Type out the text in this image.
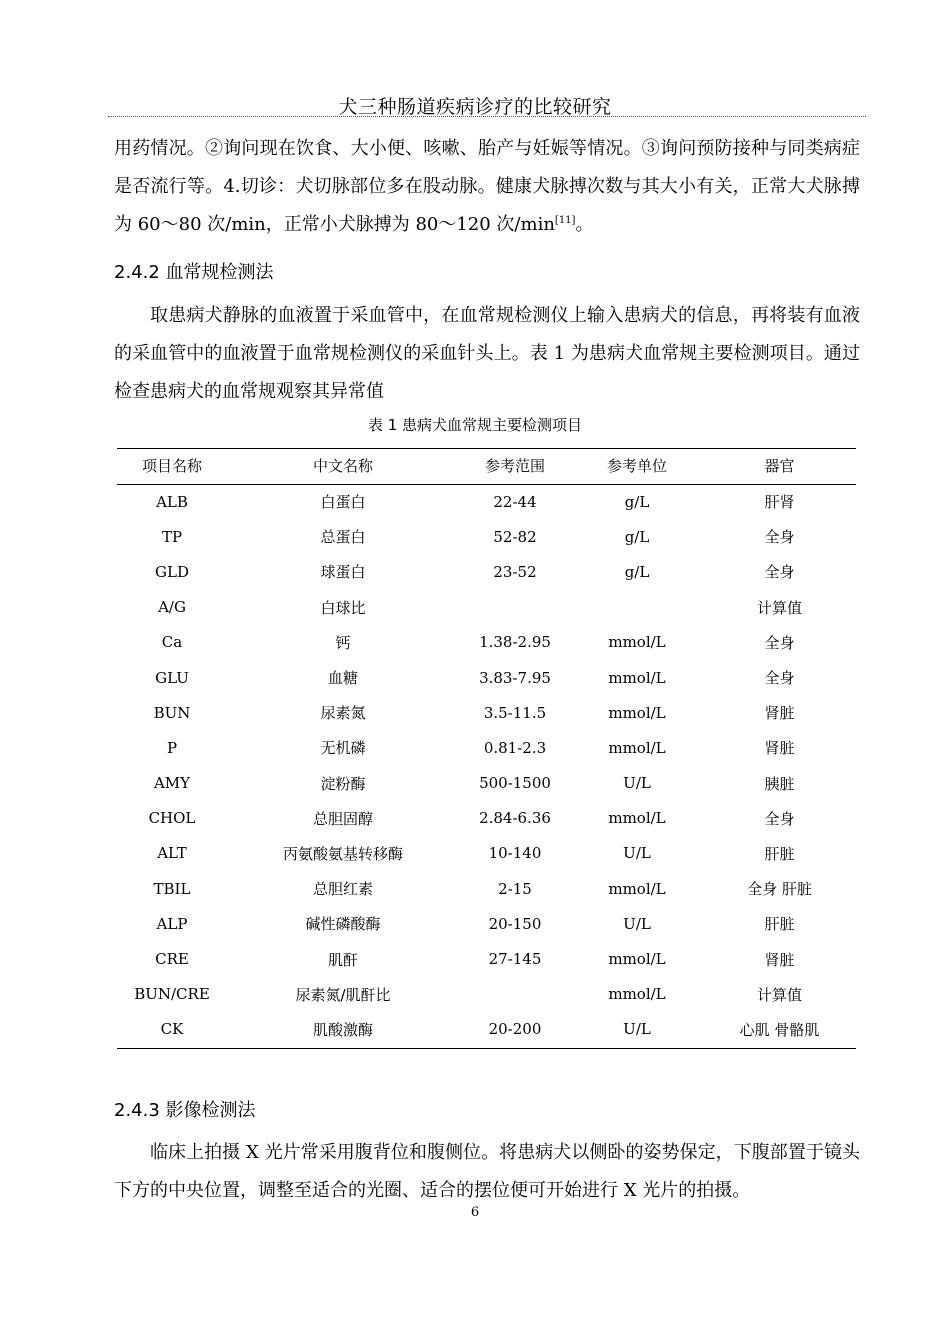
犬三种肠道疾病诊疗的比较研究

用药情况。②询问现在饮食、大小便、咳嗽、胎产与妊娠等情况。③询问预防接种与同类病症是否流行等。4.切诊：犬切脉部位多在股动脉。健康犬脉搏次数与其大小有关，正常大犬脉搏为 60～80 次/min，正常小犬脉搏为 80～120 次/min[11]。

2.4.2 血常规检测法

取患病犬静脉的血液置于采血管中，在血常规检测仪上输入患病犬的信息，再将装有血液的采血管中的血液置于血常规检测仪的采血针头上。表 1 为患病犬血常规主要检测项目。通过检查患病犬的血常规观察其异常值

表 1 患病犬血常规主要检测项目
项目名称	中文名称	参考范围	参考单位	器官
ALB	白蛋白	22-44	g/L	肝肾
TP	总蛋白	52-82	g/L	全身
GLD	球蛋白	23-52	g/L	全身
A/G	白球比			计算值
Ca	钙	1.38-2.95	mmol/L	全身
GLU	血糖	3.83-7.95	mmol/L	全身
BUN	尿素氮	3.5-11.5	mmol/L	肾脏
P	无机磷	0.81-2.3	mmol/L	肾脏
AMY	淀粉酶	500-1500	U/L	胰脏
CHOL	总胆固醇	2.84-6.36	mmol/L	全身
ALT	丙氨酸氨基转移酶	10-140	U/L	肝脏
TBIL	总胆红素	2-15	mmol/L	全身 肝脏
ALP	碱性磷酸酶	20-150	U/L	肝脏
CRE	肌酐	27-145	mmol/L	肾脏
BUN/CRE	尿素氮/肌酐比		mmol/L	计算值
CK	肌酸激酶	20-200	U/L	心肌 骨骼肌
2.4.3 影像检测法

临床上拍摄 X 光片常采用腹背位和腹侧位。将患病犬以侧卧的姿势保定，下腹部置于镜头下方的中央位置，调整至适合的光圈、适合的摆位便可开始进行 X 光片的拍摄。

6
